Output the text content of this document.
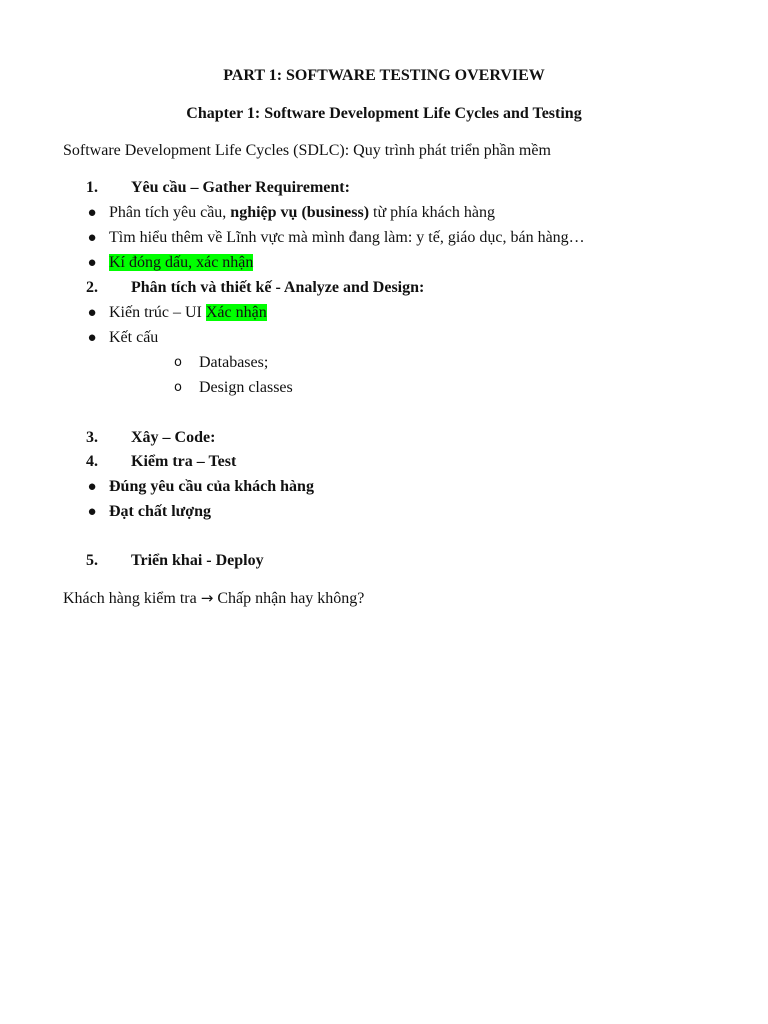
PART 1: SOFTWARE TESTING OVERVIEW
Chapter 1: Software Development Life Cycles and Testing
Software Development Life Cycles (SDLC): Quy trình phát triển phần mềm
1. Yêu cầu – Gather Requirement:
● Phân tích yêu cầu, nghiệp vụ (business) từ phía khách hàng
● Tìm hiểu thêm về Lĩnh vực mà mình đang làm: y tế, giáo dục, bán hàng…
● Kí đóng dấu, xác nhận
2. Phân tích và thiết kế - Analyze and Design:
● Kiến trúc – UI Xác nhận
● Kết cấu
o Databases;
o Design classes
3. Xây – Code:
4. Kiểm tra – Test
● Đúng yêu cầu của khách hàng
● Đạt chất lượng
5. Triển khai - Deploy
Khách hàng kiểm tra → Chấp nhận hay không?
